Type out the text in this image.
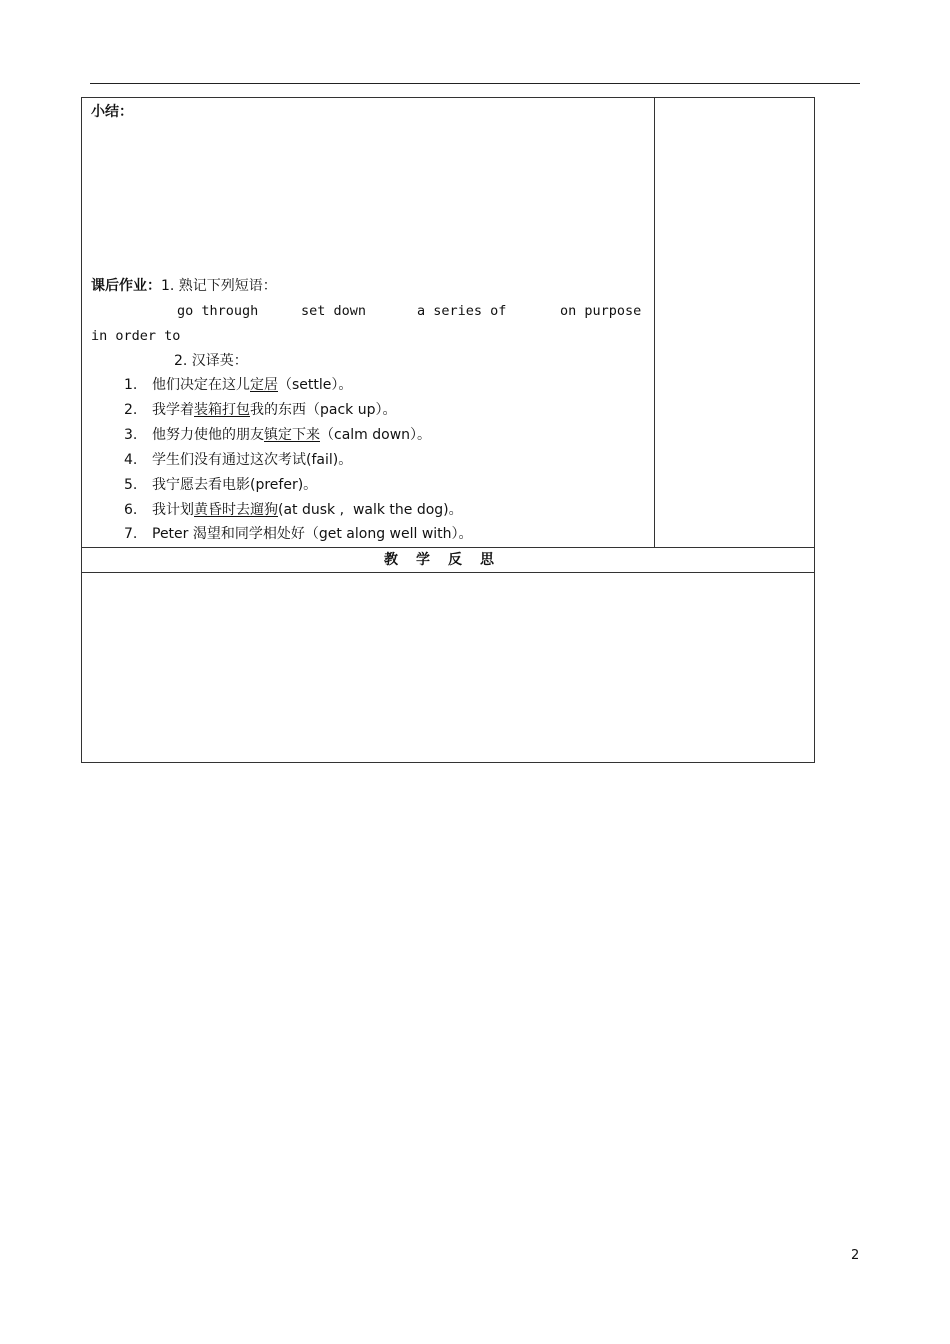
小结：
课后作业：1. 熟记下列短语：
go through	set down	a series of	on purpose
in order to
2. 汉译英：
1. 他们决定在这儿定居（settle）。
2. 我学着装箱打包我的东西（pack up）。
3. 他努力使他的朋友镇定下来（calm down）。
4. 学生们没有通过这次考试(fail)。
5. 我宁愿去看电影(prefer)。
6. 我计划黄昏时去遛狗(at dusk ,  walk the dog)。
7. Peter 渴望和同学相处好（get along well with）。
教学反思
2
